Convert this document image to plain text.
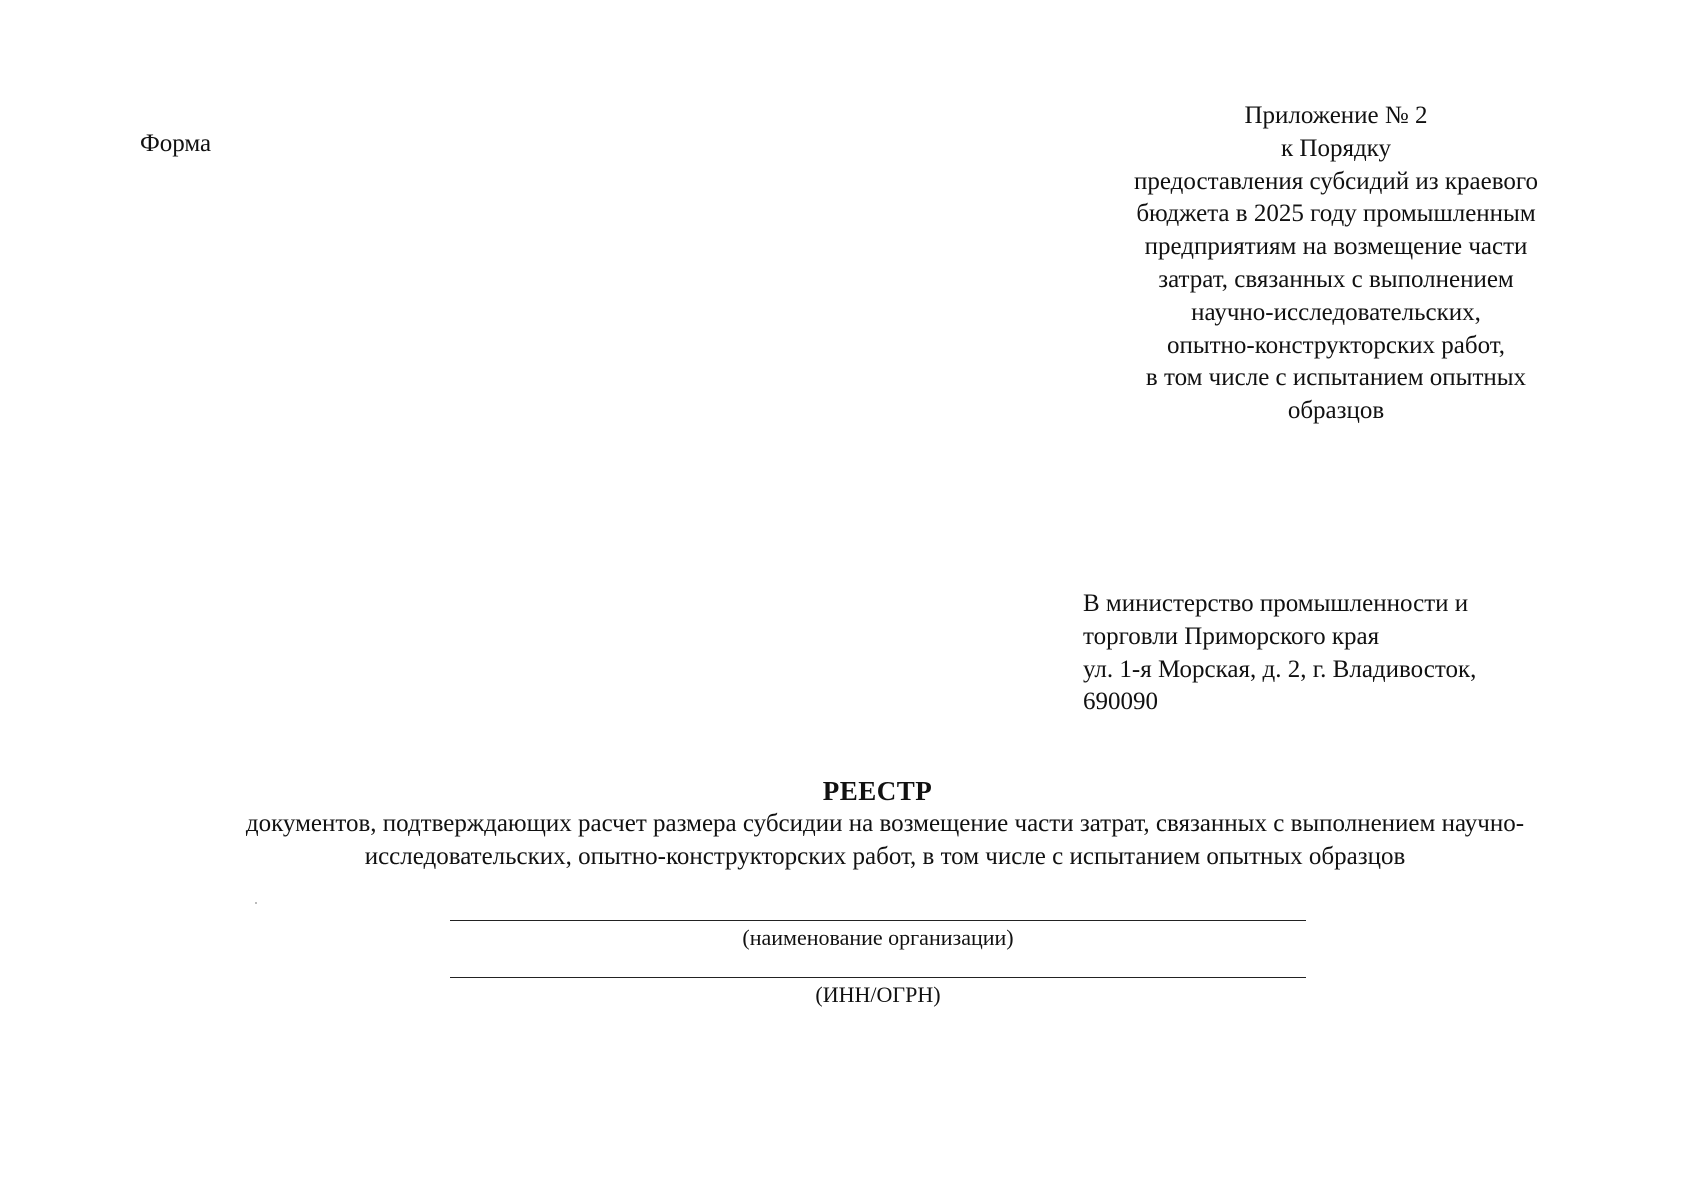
Форма
Приложение № 2
к Порядку
предоставления субсидий из краевого
бюджета в 2025 году промышленным
предприятиям на возмещение части
затрат, связанных с выполнением
научно-исследовательских,
опытно-конструкторских работ,
в том числе с испытанием опытных
образцов
В министерство промышленности и
торговли Приморского края
ул. 1-я Морская, д. 2, г. Владивосток,
690090
РЕЕСТР
документов, подтверждающих расчет размера субсидии на возмещение части затрат, связанных с выполнением научно-
исследовательских, опытно-конструкторских работ, в том числе с испытанием опытных образцов
(наименование организации)
(ИНН/ОГРН)
